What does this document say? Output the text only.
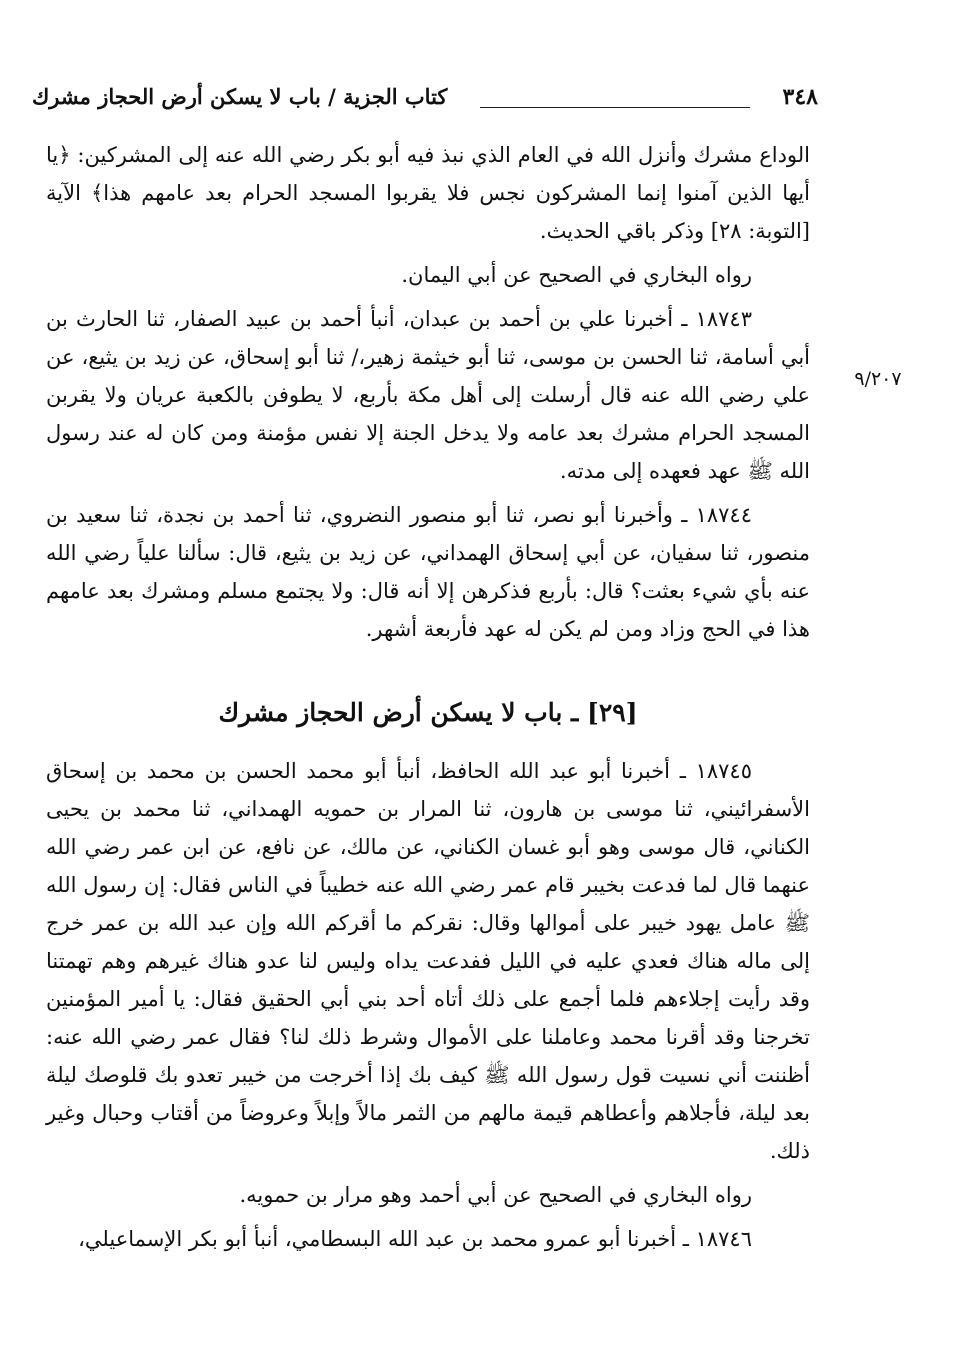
كتاب الجزية / باب لا يسكن أرض الحجاز مشرك	٣٤٨
٩/٢٠٧

الوداع مشرك وأنزل الله في العام الذي نبذ فيه أبو بكر رضي الله عنه إلى المشركين: ﴿يا أيها الذين آمنوا إنما المشركون نجس فلا يقربوا المسجد الحرام بعد عامهم هذا﴾ الآية [التوبة: ٢٨] وذكر باقي الحديث.

رواه البخاري في الصحيح عن أبي اليمان.

١٨٧٤٣ ـ أخبرنا علي بن أحمد بن عبدان، أنبأ أحمد بن عبيد الصفار، ثنا الحارث بن أبي أسامة، ثنا الحسن بن موسى، ثنا أبو خيثمة زهير،/ ثنا أبو إسحاق، عن زيد بن يثيع، عن علي رضي الله عنه قال أرسلت إلى أهل مكة بأربع، لا يطوفن بالكعبة عريان ولا يقربن المسجد الحرام مشرك بعد عامه ولا يدخل الجنة إلا نفس مؤمنة ومن كان له عند رسول الله ﷺ عهد فعهده إلى مدته.

١٨٧٤٤ ـ وأخبرنا أبو نصر، ثنا أبو منصور النضروي، ثنا أحمد بن نجدة، ثنا سعيد بن منصور، ثنا سفيان، عن أبي إسحاق الهمداني، عن زيد بن يثيع، قال: سألنا علياً رضي الله عنه بأي شيء بعثت؟ قال: بأربع فذكرهن إلا أنه قال: ولا يجتمع مسلم ومشرك بعد عامهم هذا في الحج وزاد ومن لم يكن له عهد فأربعة أشهر.

[٢٩] ـ باب لا يسكن أرض الحجاز مشرك

١٨٧٤٥ ـ أخبرنا أبو عبد الله الحافظ، أنبأ أبو محمد الحسن بن محمد بن إسحاق الأسفرائيني، ثنا موسى بن هارون، ثنا المرار بن حمويه الهمداني، ثنا محمد بن يحيى الكناني، قال موسى وهو أبو غسان الكناني، عن مالك، عن نافع، عن ابن عمر رضي الله عنهما قال لما فدعت بخيبر قام عمر رضي الله عنه خطيباً في الناس فقال: إن رسول الله ﷺ عامل يهود خيبر على أموالها وقال: نقركم ما أقركم الله وإن عبد الله بن عمر خرج إلى ماله هناك فعدي عليه في الليل ففدعت يداه وليس لنا عدو هناك غيرهم وهم تهمتنا وقد رأيت إجلاءهم فلما أجمع على ذلك أتاه أحد بني أبي الحقيق فقال: يا أمير المؤمنين تخرجنا وقد أقرنا محمد وعاملنا على الأموال وشرط ذلك لنا؟ فقال عمر رضي الله عنه: أظننت أني نسيت قول رسول الله ﷺ كيف بك إذا أخرجت من خيبر تعدو بك قلوصك ليلة بعد ليلة، فأجلاهم وأعطاهم قيمة مالهم من الثمر مالاً وإبلاً وعروضاً من أقتاب وحبال وغير ذلك.

رواه البخاري في الصحيح عن أبي أحمد وهو مرار بن حمويه.

١٨٧٤٦ ـ أخبرنا أبو عمرو محمد بن عبد الله البسطامي، أنبأ أبو بكر الإسماعيلي،
